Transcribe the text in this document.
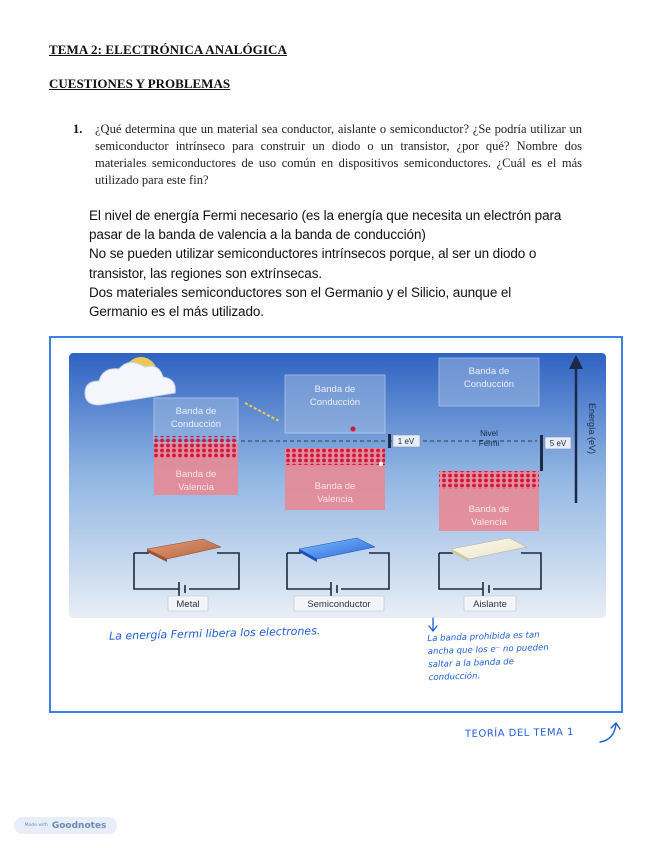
TEMA 2: ELECTRÓNICA ANALÓGICA
CUESTIONES Y PROBLEMAS
1. ¿Qué determina que un material sea conductor, aislante o semiconductor? ¿Se podría utilizar un semiconductor intrínseco para construir un diodo o un transistor, ¿por qué? Nombre dos materiales semiconductores de uso común en dispositivos semiconductores. ¿Cuál es el más utilizado para este fin?

El nivel de energía Fermi necesario (es la energía que necesita un electrón para
pasar de la banda de valencia a la banda de conducción)
No se pueden utilizar semiconductores intrínsecos porque, al ser un diodo o
transistor, las regiones son extrínsecas.
Dos materiales semiconductores son el Germanio y el Silicio, aunque el
Germanio es el más utilizado.
Banda de
Conducción
Banda de
Valencia
Banda de
Conducción
Banda de
Valencia
1 eV
Banda de
Conducción
Nivel
Fermi
Banda de
Valencia
5 eV Energía (eV)
Metal	Semiconductor	Aislante
La energía Fermi libera los electrones.	La banda prohibida es tan
ancha que los e⁻ no pueden
saltar a la banda de
conducción.
TEORÍA DEL TEMA 1
Made with Goodnotes
